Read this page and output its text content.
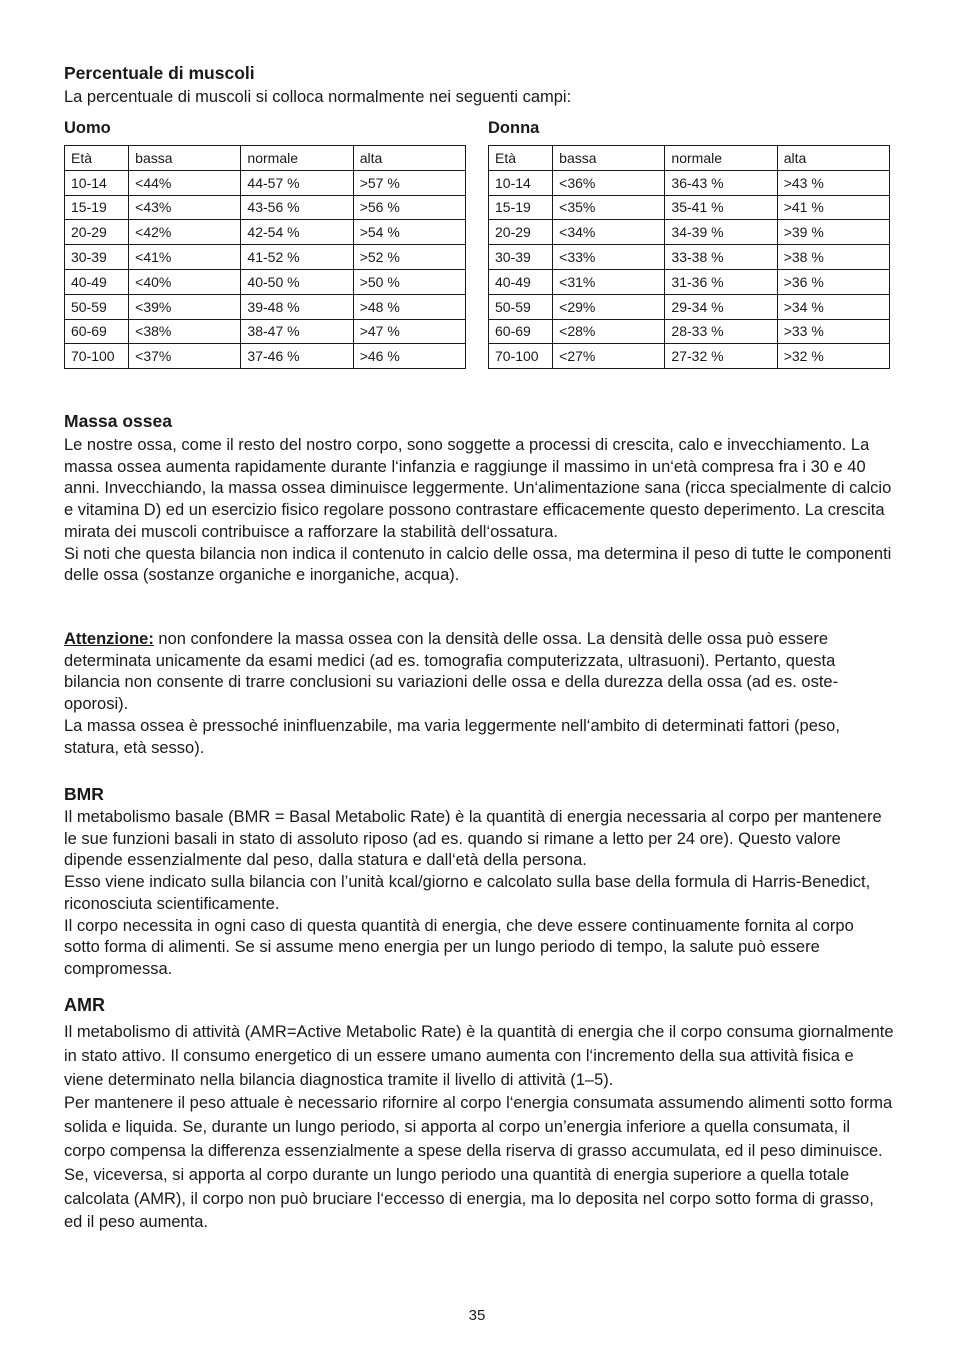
Percentuale di muscoli
La percentuale di muscoli si colloca normalmente nei seguenti campi:
Uomo	Donna
Età	bassa	normale	alta
10-14	<44%	44-57 %	>57 %
15-19	<43%	43-56 %	>56 %
20-29	<42%	42-54 %	>54 %
30-39	<41%	41-52 %	>52 %
40-49	<40%	40-50 %	>50 %
50-59	<39%	39-48 %	>48 %
60-69	<38%	38-47 %	>47 %
70-100	<37%	37-46 %	>46 %
Età	bassa	normale	alta
10-14	<36%	36-43 %	>43 %
15-19	<35%	35-41 %	>41 %
20-29	<34%	34-39 %	>39 %
30-39	<33%	33-38 %	>38 %
40-49	<31%	31-36 %	>36 %
50-59	<29%	29-34 %	>34 %
60-69	<28%	28-33 %	>33 %
70-100	<27%	27-32 %	>32 %
Massa ossea

Le nostre ossa, come il resto del nostro corpo, sono soggette a processi di crescita, calo e invecchiamento. La massa ossea aumenta rapidamente durante l‘infanzia e raggiunge il massimo in un‘età compresa fra i 30 e 40 anni. Invecchiando, la massa ossea diminuisce leggermente. Un‘alimentazione sana (ricca specialmente di calcio e vitamina D) ed un esercizio fisico regolare possono contrastare efficacemente questo deperimento. La crescita mirata dei muscoli contribuisce a rafforzare la stabilità dell‘ossatura.

Si noti che questa bilancia non indica il contenuto in calcio delle ossa, ma determina il peso di tutte le componenti delle ossa (sostanze organiche e inorganiche, acqua).

Attenzione: non confondere la massa ossea con la densità delle ossa. La densità delle ossa può essere determinata unicamente da esami medici (ad es. tomografia computerizzata, ultrasuoni). Pertanto, questa bilancia non consente di trarre conclusioni su variazioni delle ossa e della durezza della ossa (ad es. osteoporosi).

La massa ossea è pressoché ininfluenzabile, ma varia leggermente nell‘ambito di determinati fattori (peso, statura, età sesso).

BMR

Il metabolismo basale (BMR = Basal Metabolic Rate) è la quantità di energia necessaria al corpo per mantenere le sue funzioni basali in stato di assoluto riposo (ad es. quando si rimane a letto per 24 ore). Questo valore dipende essenzialmente dal peso, dalla statura e dall‘età della persona.

Esso viene indicato sulla bilancia con l’unità kcal/giorno e calcolato sulla base della formula di Harris-Benedict, riconosciuta scientificamente.

Il corpo necessita in ogni caso di questa quantità di energia, che deve essere continuamente fornita al corpo sotto forma di alimenti. Se si assume meno energia per un lungo periodo di tempo, la salute può essere compromessa.

AMR

Il metabolismo di attività (AMR=Active Metabolic Rate) è la quantità di energia che il corpo consuma giornalmente in stato attivo. Il consumo energetico di un essere umano aumenta con l‘incremento della sua attività fisica e viene determinato nella bilancia diagnostica tramite il livello di attività (1–5).

Per mantenere il peso attuale è necessario rifornire al corpo l‘energia consumata assumendo alimenti sotto forma solida e liquida. Se, durante un lungo periodo, si apporta al corpo un’energia inferiore a quella consumata, il corpo compensa la differenza essenzialmente a spese della riserva di grasso accumulata, ed il peso diminuisce. Se, viceversa, si apporta al corpo durante un lungo periodo una quantità di energia superiore a quella totale calcolata (AMR), il corpo non può bruciare l‘eccesso di energia, ma lo deposita nel corpo sotto forma di grasso, ed il peso aumenta.

35
